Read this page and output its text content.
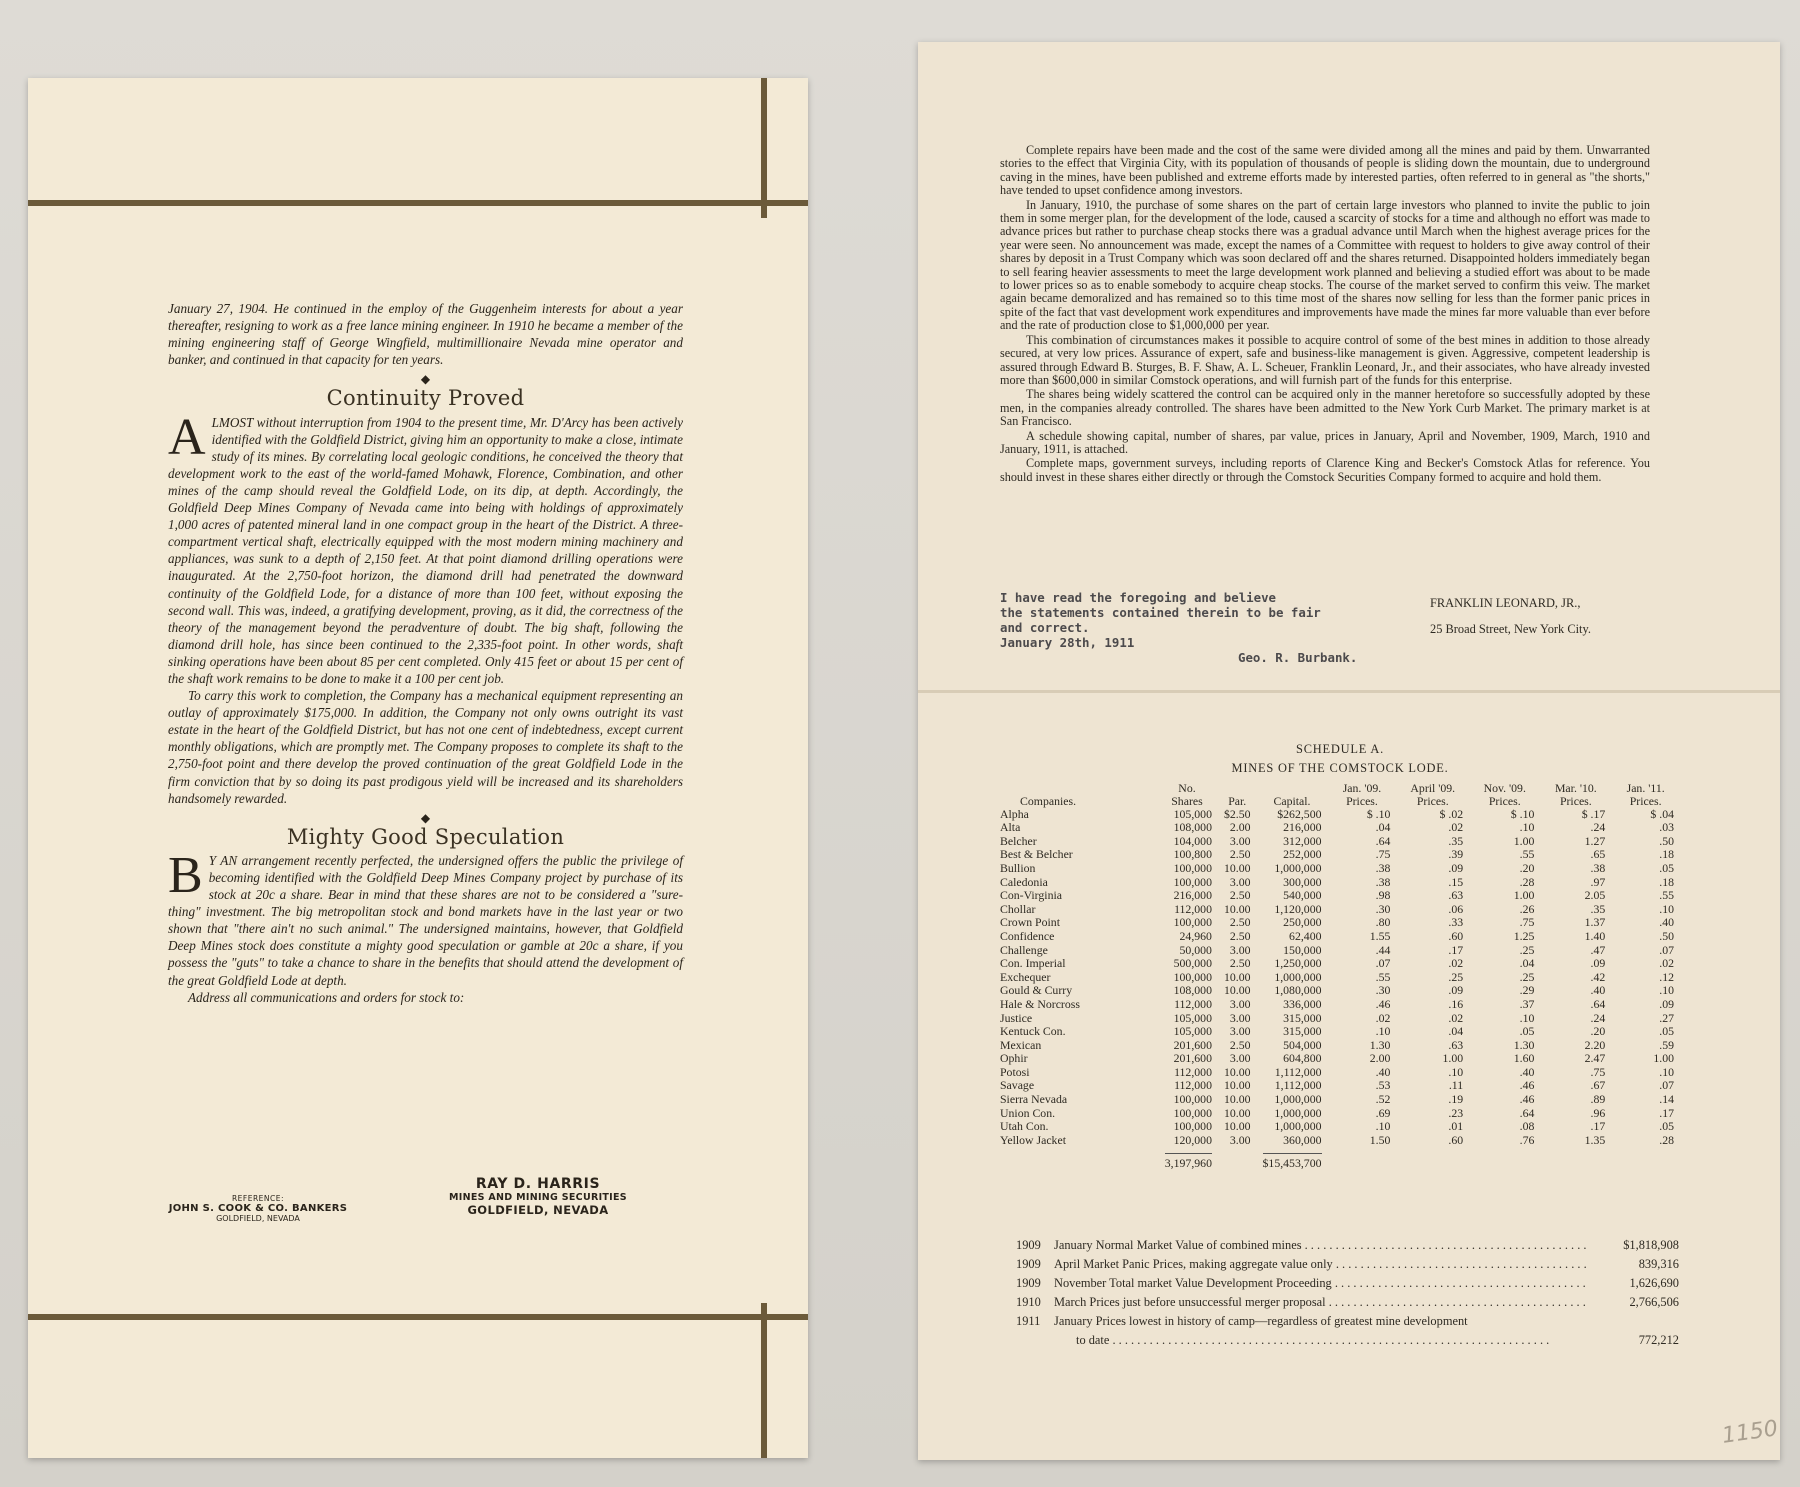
January 27, 1904. He continued in the employ of the Guggenheim interests for about a year thereafter, resigning to work as a free lance mining engineer. In 1910 he became a member of the mining engineering staff of George Wingfield, multimillionaire Nevada mine operator and banker, and continued in that capacity for ten years.

◆
Continuity Proved

ALMOST without interruption from 1904 to the present time, Mr. D'Arcy has been actively identified with the Goldfield District, giving him an opportunity to make a close, intimate study of its mines. By correlating local geologic conditions, he conceived the theory that development work to the east of the world-famed Mohawk, Florence, Combination, and other mines of the camp should reveal the Goldfield Lode, on its dip, at depth. Accordingly, the Goldfield Deep Mines Company of Nevada came into being with holdings of approximately 1,000 acres of patented mineral land in one compact group in the heart of the District. A three-compartment vertical shaft, electrically equipped with the most modern mining machinery and appliances, was sunk to a depth of 2,150 feet. At that point diamond drilling operations were inaugurated. At the 2,750-foot horizon, the diamond drill had penetrated the downward continuity of the Goldfield Lode, for a distance of more than 100 feet, without exposing the second wall. This was, indeed, a gratifying development, proving, as it did, the correctness of the theory of the management beyond the peradventure of doubt. The big shaft, following the diamond drill hole, has since been continued to the 2,335-foot point. In other words, shaft sinking operations have been about 85 per cent completed. Only 415 feet or about 15 per cent of the shaft work remains to be done to make it a 100 per cent job.

To carry this work to completion, the Company has a mechanical equipment representing an outlay of approximately $175,000. In addition, the Company not only owns outright its vast estate in the heart of the Goldfield District, but has not one cent of indebtedness, except current monthly obligations, which are promptly met. The Company proposes to complete its shaft to the 2,750-foot point and there develop the proved continuation of the great Goldfield Lode in the firm conviction that by so doing its past prodigous yield will be increased and its shareholders handsomely rewarded.

◆
Mighty Good Speculation

B Y AN arrangement recently perfected, the undersigned offers the public the privilege of becoming identified with the Goldfield Deep Mines Company project by purchase of its stock at 20c a share. Bear in mind that these shares are not to be considered a "sure-thing" investment. The big metropolitan stock and bond markets have in the last year or two shown that "there ain't no such animal." The undersigned maintains, however, that Goldfield Deep Mines stock does constitute a mighty good speculation or gamble at 20c a share, if you possess the "guts" to take a chance to share in the benefits that should attend the development of the great Goldfield Lode at depth.

Address all communications and orders for stock to:

REFERENCE:
JOHN S. COOK & CO. BANKERS
GOLDFIELD, NEVADA
RAY D. HARRIS
MINES AND MINING SECURITIES
GOLDFIELD, NEVADA

Complete repairs have been made and the cost of the same were divided among all the mines and paid by them. Unwarranted stories to the effect that Virginia City, with its population of thousands of people is sliding down the mountain, due to underground caving in the mines, have been published and extreme efforts made by interested parties, often referred to in general as "the shorts," have tended to upset confidence among investors.

In January, 1910, the purchase of some shares on the part of certain large investors who planned to invite the public to join them in some merger plan, for the development of the lode, caused a scarcity of stocks for a time and although no effort was made to advance prices but rather to purchase cheap stocks there was a gradual advance until March when the highest average prices for the year were seen. No announcement was made, except the names of a Committee with request to holders to give away control of their shares by deposit in a Trust Company which was soon declared off and the shares returned. Disappointed holders immediately began to sell fearing heavier assessments to meet the large development work planned and believing a studied effort was about to be made to lower prices so as to enable somebody to acquire cheap stocks. The course of the market served to confirm this veiw. The market again became demoralized and has remained so to this time most of the shares now selling for less than the former panic prices in spite of the fact that vast development work expenditures and improvements have made the mines far more valuable than ever before and the rate of production close to $1,000,000 per year.

This combination of circumstances makes it possible to acquire control of some of the best mines in addition to those already secured, at very low prices. Assurance of expert, safe and business-like management is given. Aggressive, competent leadership is assured through Edward B. Sturges, B. F. Shaw, A. L. Scheuer, Franklin Leonard, Jr., and their associates, who have already invested more than $600,000 in similar Comstock operations, and will furnish part of the funds for this enterprise.

The shares being widely scattered the control can be acquired only in the manner heretofore so successfully adopted by these men, in the companies already controlled. The shares have been admitted to the New York Curb Market. The primary market is at San Francisco.

A schedule showing capital, number of shares, par value, prices in January, April and November, 1909, March, 1910 and January, 1911, is attached.

Complete maps, government surveys, including reports of Clarence King and Becker's Comstock Atlas for reference. You should invest in these shares either directly or through the Comstock Securities Company formed to acquire and hold them.

I have read the foregoing and believe
the statements contained therein to be fair
and correct.
January 28th, 1911
FRANKLIN LEONARD, JR.,
25 Broad Street, New York City.
Geo. R. Burbank.
SCHEDULE A.
MINES OF THE COMSTOCK LODE.
Companies.	No. Shares	Par.	Capital.	Jan. '09. Prices.	April '09. Prices.	Nov. '09. Prices.	Mar. '10. Prices.	Jan. '11. Prices.
Alpha	105,000	$2.50	$262,500	$ .10	$ .02	$ .10	$ .17	$ .04
Alta	108,000	2.00	216,000	.04	.02	.10	.24	.03
Belcher	104,000	3.00	312,000	.64	.35	1.00	1.27	.50
Best & Belcher	100,800	2.50	252,000	.75	.39	.55	.65	.18
Bullion	100,000	10.00	1,000,000	.38	.09	.20	.38	.05
Caledonia	100,000	3.00	300,000	.38	.15	.28	.97	.18
Con-Virginia	216,000	2.50	540,000	.98	.63	1.00	2.05	.55
Chollar	112,000	10.00	1,120,000	.30	.06	.26	.35	.10
Crown Point	100,000	2.50	250,000	.80	.33	.75	1.37	.40
Confidence	24,960	2.50	62,400	1.55	.60	1.25	1.40	.50
Challenge	50,000	3.00	150,000	.44	.17	.25	.47	.07
Con. Imperial	500,000	2.50	1,250,000	.07	.02	.04	.09	.02
Exchequer	100,000	10.00	1,000,000	.55	.25	.25	.42	.12
Gould & Curry	108,000	10.00	1,080,000	.30	.09	.29	.40	.10
Hale & Norcross	112,000	3.00	336,000	.46	.16	.37	.64	.09
Justice	105,000	3.00	315,000	.02	.02	.10	.24	.27
Kentuck Con.	105,000	3.00	315,000	.10	.04	.05	.20	.05
Mexican	201,600	2.50	504,000	1.30	.63	1.30	2.20	.59
Ophir	201,600	3.00	604,800	2.00	1.00	1.60	2.47	1.00
Potosi	112,000	10.00	1,112,000	.40	.10	.40	.75	.10
Savage	112,000	10.00	1,112,000	.53	.11	.46	.67	.07
Sierra Nevada	100,000	10.00	1,000,000	.52	.19	.46	.89	.14
Union Con.	100,000	10.00	1,000,000	.69	.23	.64	.96	.17
Utah Con.	100,000	10.00	1,000,000	.10	.01	.08	.17	.05
Yellow Jacket	120,000	3.00	360,000	1.50	.60	.76	1.35	.28
	3,197,960		$15,453,700					
1909 January Normal Market Value of combined mines . . .	$1,818,908
1909 April Market Panic Prices, making aggregate value only . . .	839,316
1909 November Total market Value Development Proceeding . . .	1,626,690
1910 March Prices just before unsuccessful merger proposal . . .	2,766,506
1911 January Prices lowest in history of camp—regardless of greatest mine development
to date . . .	772,212
1150
